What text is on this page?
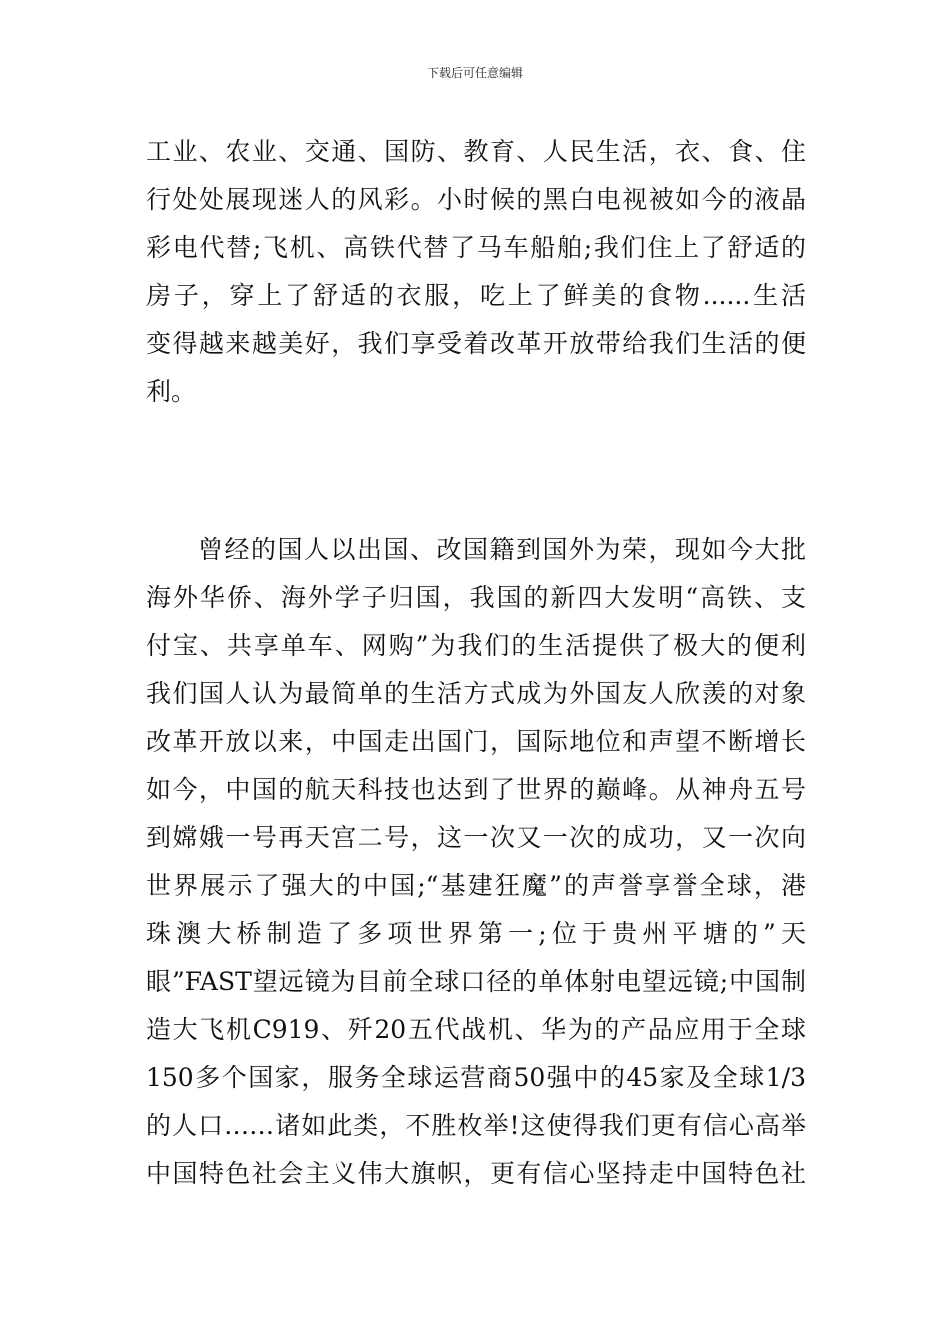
下载后可任意编辑
工业、农业、交通、国防、教育、人民生活，衣、食、住
行处处展现迷人的风彩。小时候的黑白电视被如今的液晶
彩电代替;飞机、高铁代替了马车船舶;我们住上了舒适的
房子，穿上了舒适的衣服，吃上了鲜美的食物......生活
变得越来越美好，我们享受着改革开放带给我们生活的便
利。
曾经的国人以出国、改国籍到国外为荣，现如今大批
海外华侨、海外学子归国，我国的新四大发明“高铁、支
付宝、共享单车、网购”为我们的生活提供了极大的便利
我们国人认为最简单的生活方式成为外国友人欣羡的对象
改革开放以来，中国走出国门，国际地位和声望不断增长
如今，中国的航天科技也达到了世界的巅峰。从神舟五号
到嫦娥一号再天宫二号，这一次又一次的成功，又一次向
世界展示了强大的中国;“基建狂魔”的声誉享誉全球，港
珠澳大桥制造了多项世界第一;位于贵州平塘的”天
眼”FAST望远镜为目前全球口径的单体射电望远镜;中国制
造大飞机C919、歼20五代战机、华为的产品应用于全球
150多个国家，服务全球运营商50强中的45家及全球1/3
的人口……诸如此类，不胜枚举!这使得我们更有信心高举
中国特色社会主义伟大旗帜，更有信心坚持走中国特色社
